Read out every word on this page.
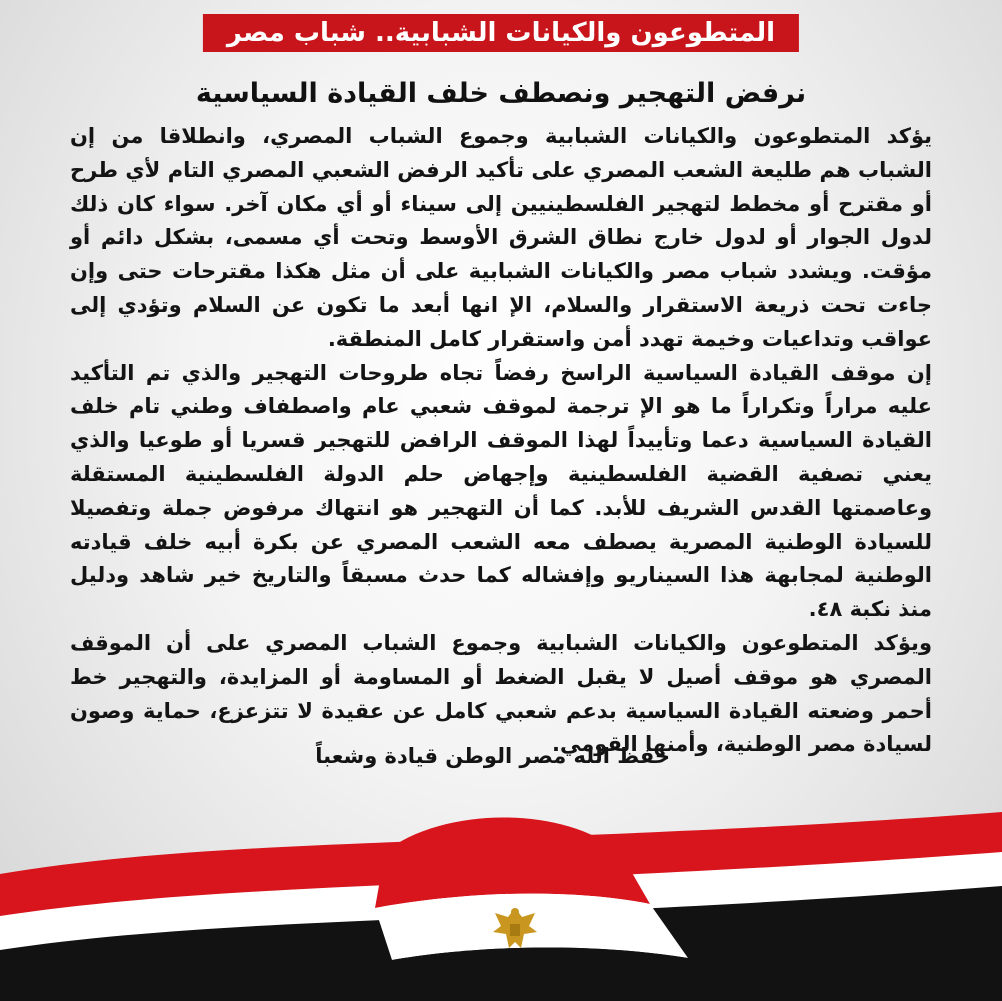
المتطوعون والكيانات الشبابية.. شباب مصر
نرفض التهجير ونصطف خلف القيادة السياسية

يؤكد المتطوعون والكيانات الشبابية وجموع الشباب المصري، وانطلاقا من إن الشباب هم طليعة الشعب المصري على تأكيد الرفض الشعبي المصري التام لأي طرح أو مقترح أو مخطط لتهجير الفلسطينيين إلى سيناء أو أي مكان آخر. سواء كان ذلك لدول الجوار أو لدول خارج نطاق الشرق الأوسط وتحت أي مسمى، بشكل دائم أو مؤقت. ويشدد شباب مصر والكيانات الشبابية على أن مثل هكذا مقترحات حتى وإن جاءت تحت ذريعة الاستقرار والسلام، الإ انها أبعد ما تكون عن السلام وتؤدي إلى عواقب وتداعيات وخيمة تهدد أمن واستقرار كامل المنطقة.

إن موقف القيادة السياسية الراسخ رفضاً تجاه طروحات التهجير والذي تم التأكيد عليه مراراً وتكراراً ما هو الإ ترجمة لموقف شعبي عام واصطفاف وطني تام خلف القيادة السياسية دعما وتأييداً لهذا الموقف الرافض للتهجير قسريا أو طوعيا والذي يعني تصفية القضية الفلسطينية وإجهاض حلم الدولة الفلسطينية المستقلة وعاصمتها القدس الشريف للأبد. كما أن التهجير هو انتهاك مرفوض جملة وتفصيلا للسيادة الوطنية المصرية يصطف معه الشعب المصري عن بكرة أبيه خلف قيادته الوطنية لمجابهة هذا السيناريو وإفشاله كما حدث مسبقاً والتاريخ خير شاهد ودليل منذ نكبة ٤٨.

ويؤكد المتطوعون والكيانات الشبابية وجموع الشباب المصري على أن الموقف المصري هو موقف أصيل لا يقبل الضغط أو المساومة أو المزايدة، والتهجير خط أحمر وضعته القيادة السياسية بدعم شعبي كامل عن عقيدة لا تتزعزع، حماية وصون لسيادة مصر الوطنية، وأمنها القومي.

حفظ الله مصر الوطن قيادة وشعباً
